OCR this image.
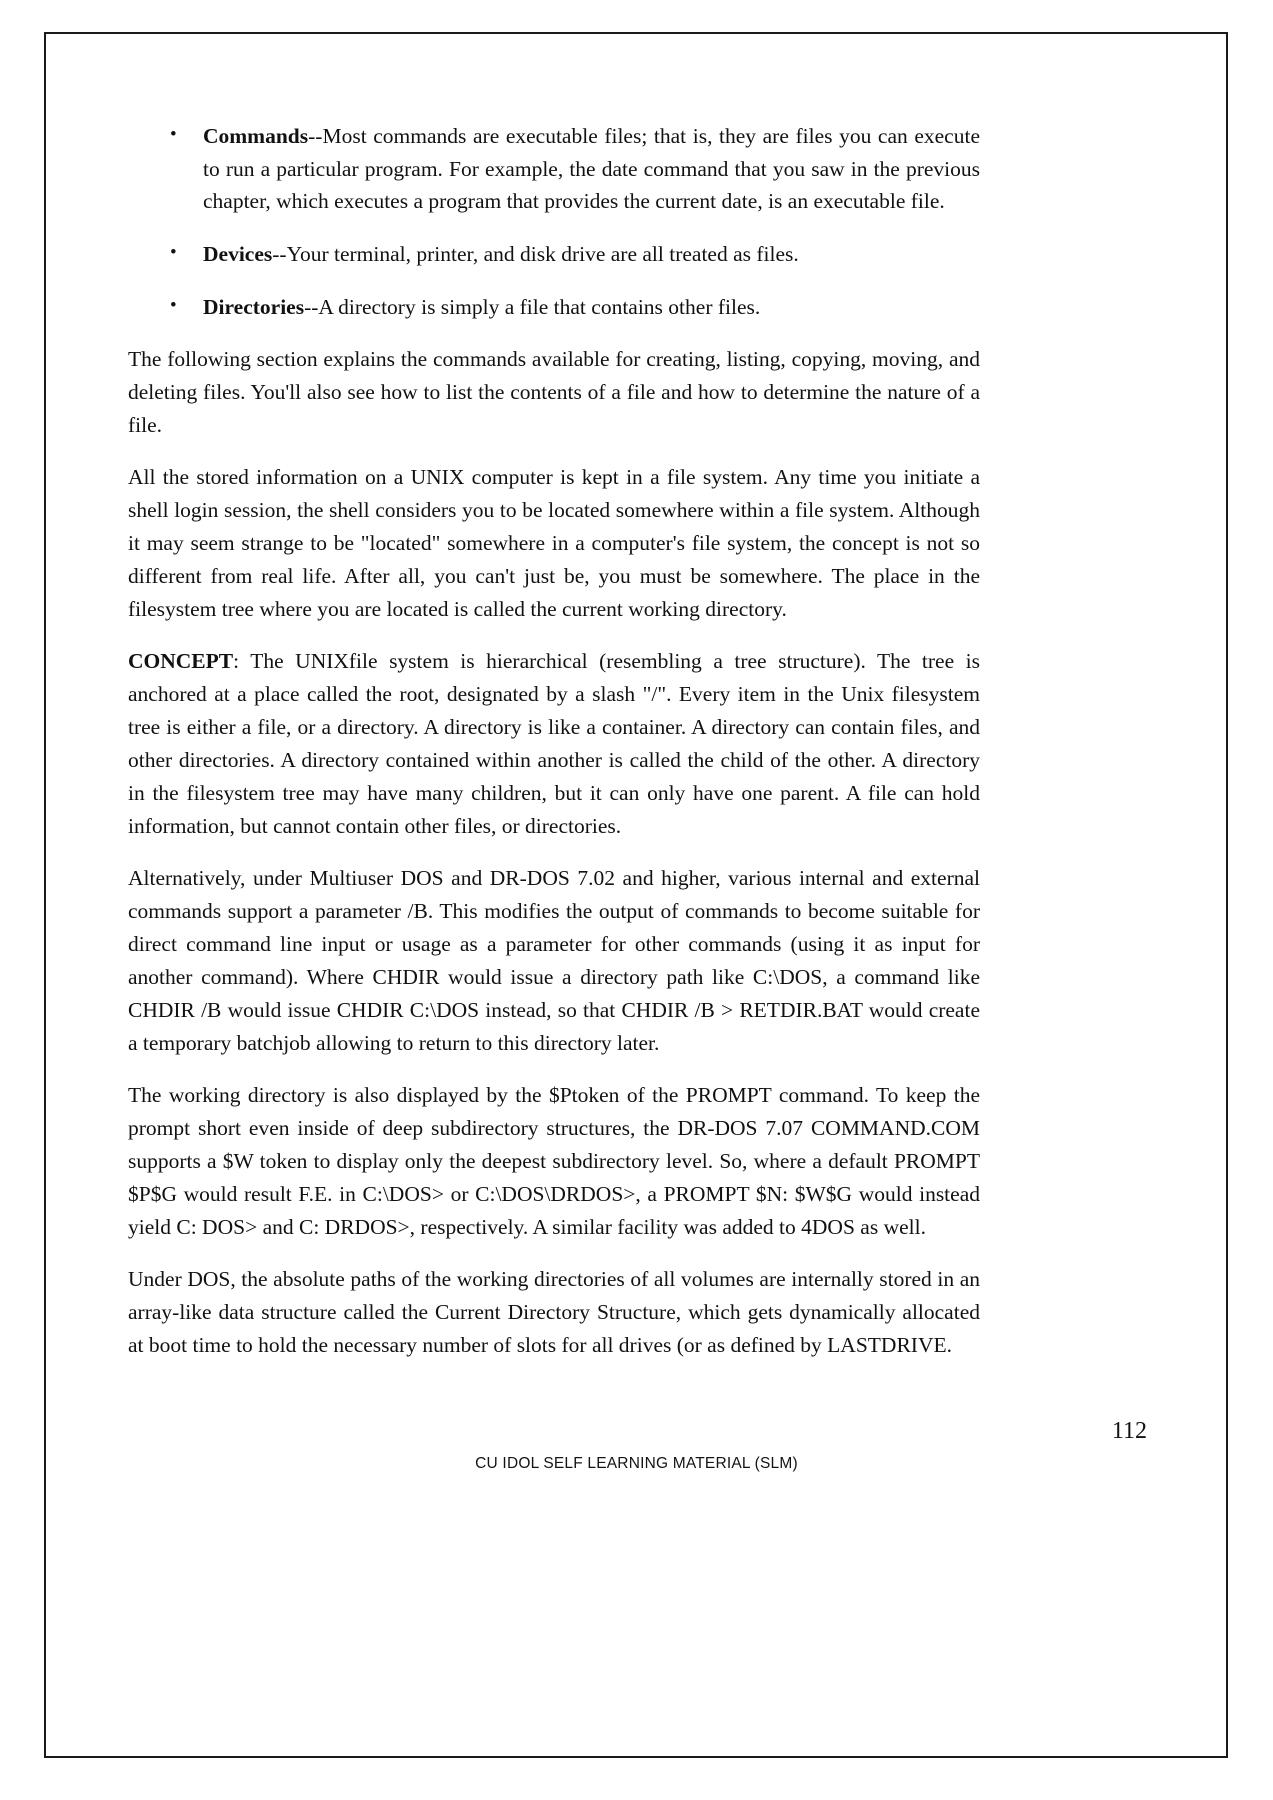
• Commands--Most commands are executable files; that is, they are files you can execute to run a particular program. For example, the date command that you saw in the previous chapter, which executes a program that provides the current date, is an executable file.
• Devices--Your terminal, printer, and disk drive are all treated as files.
• Directories--A directory is simply a file that contains other files.

The following section explains the commands available for creating, listing, copying, moving, and deleting files. You'll also see how to list the contents of a file and how to determine the nature of a file.

All the stored information on a UNIX computer is kept in a file system. Any time you initiate a shell login session, the shell considers you to be located somewhere within a file system. Although it may seem strange to be "located" somewhere in a computer's file system, the concept is not so different from real life. After all, you can't just be, you must be somewhere. The place in the filesystem tree where you are located is called the current working directory.

CONCEPT: The UNIXfile system is hierarchical (resembling a tree structure). The tree is anchored at a place called the root, designated by a slash "/". Every item in the Unix filesystem tree is either a file, or a directory. A directory is like a container. A directory can contain files, and other directories. A directory contained within another is called the child of the other. A directory in the filesystem tree may have many children, but it can only have one parent. A file can hold information, but cannot contain other files, or directories.

Alternatively, under Multiuser DOS and DR-DOS 7.02 and higher, various internal and external commands support a parameter /B. This modifies the output of commands to become suitable for direct command line input or usage as a parameter for other commands (using it as input for another command). Where CHDIR would issue a directory path like C:\DOS, a command like CHDIR /B would issue CHDIR C:\DOS instead, so that CHDIR /B > RETDIR.BAT would create a temporary batchjob allowing to return to this directory later.

The working directory is also displayed by the $Ptoken of the PROMPT command. To keep the prompt short even inside of deep subdirectory structures, the DR-DOS 7.07 COMMAND.COM supports a $W token to display only the deepest subdirectory level. So, where a default PROMPT $P$G would result F.E. in C:\DOS> or C:\DOS\DRDOS>, a PROMPT $N: $W$G would instead yield C: DOS> and C: DRDOS>, respectively. A similar facility was added to 4DOS as well.

Under DOS, the absolute paths of the working directories of all volumes are internally stored in an array-like data structure called the Current Directory Structure, which gets dynamically allocated at boot time to hold the necessary number of slots for all drives (or as defined by LASTDRIVE.

112
CU IDOL SELF LEARNING MATERIAL (SLM)
